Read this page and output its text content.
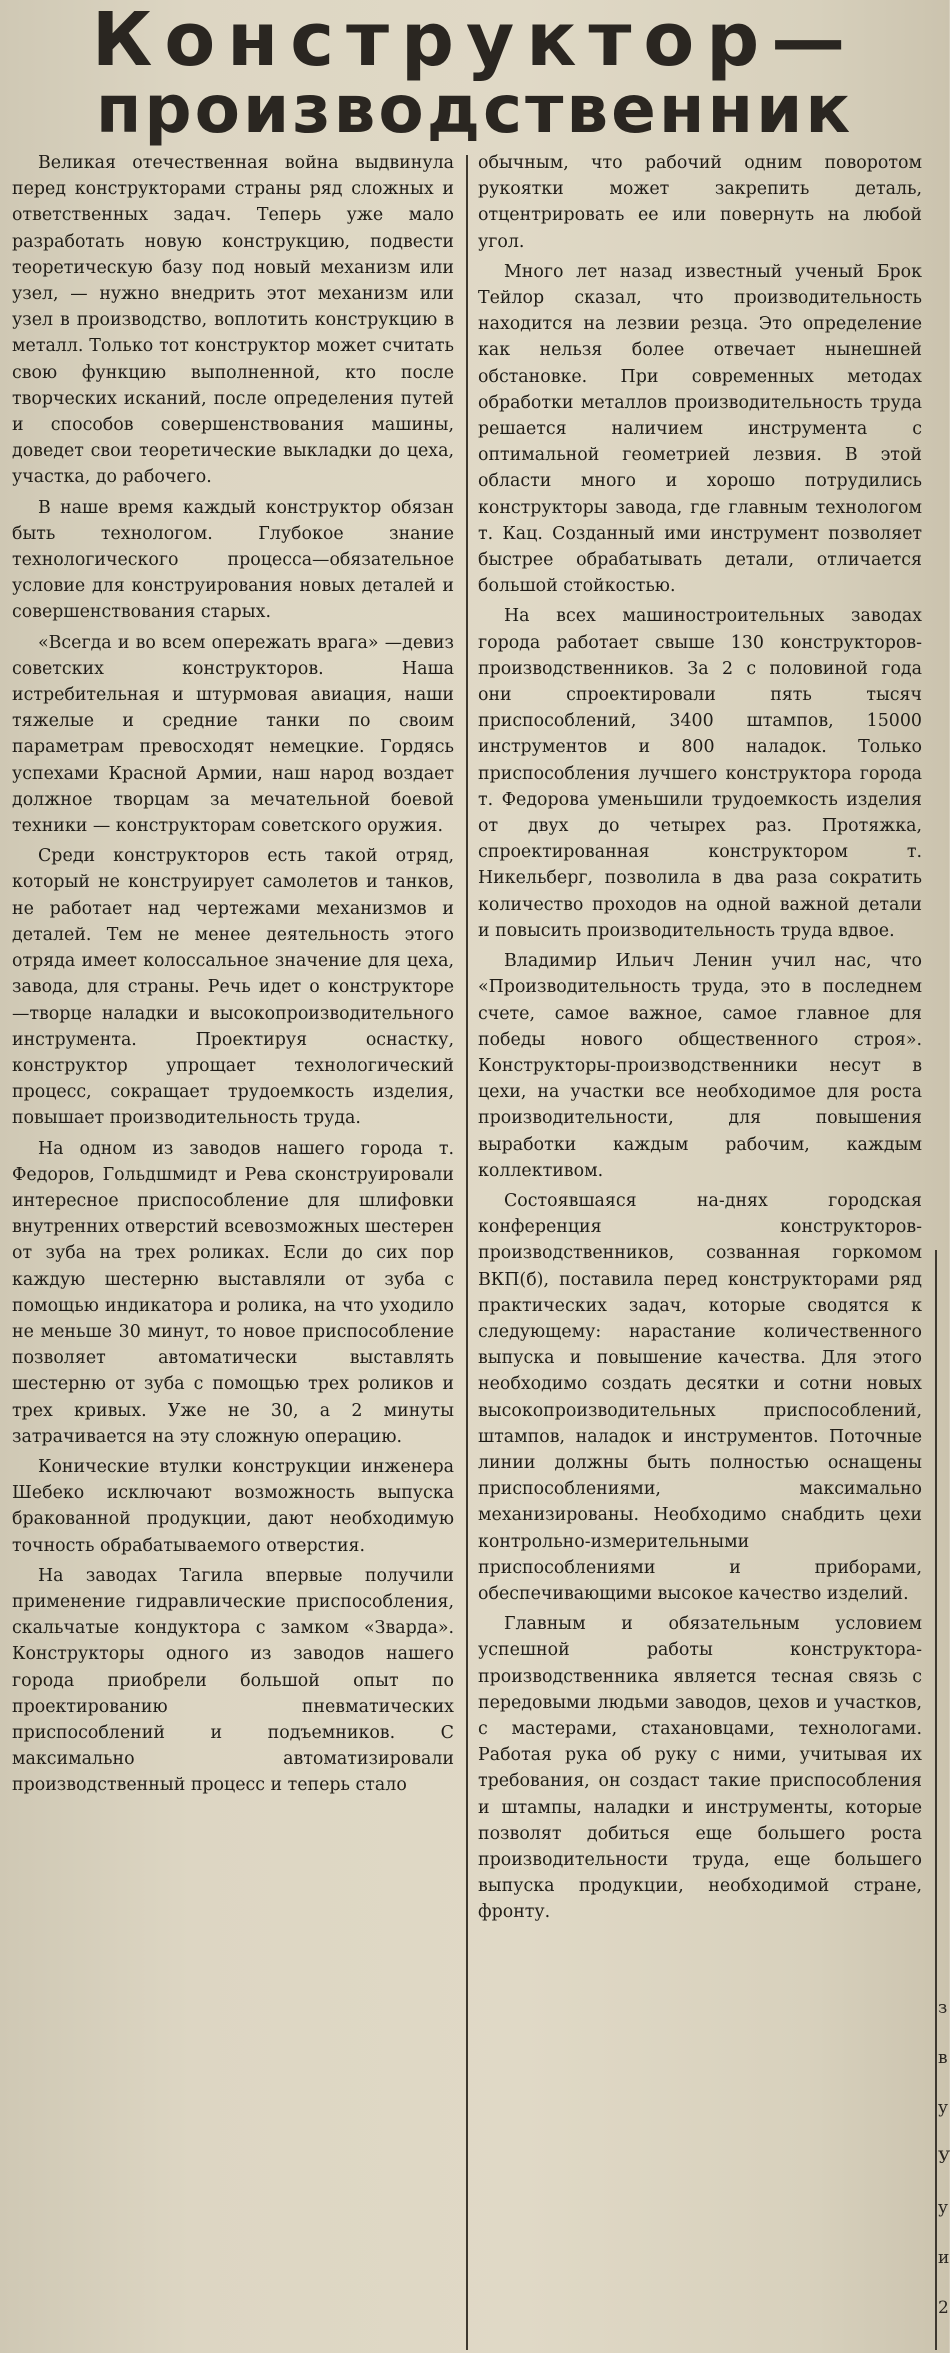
Конструктор—
производственник

Великая отечественная война выдвинула перед конструкторами страны ряд сложных и ответственных задач. Теперь уже мало разработать новую конструкцию, подвести теоретическую базу под новый механизм или узел, — нужно внедрить этот механизм или узел в производство, воплотить конструкцию в металл. Только тот конструктор может считать свою функцию выполненной, кто после творческих исканий, после определения путей и способов совершенствования машины, доведет свои теоретические выкладки до цеха, участка, до рабочего.

В наше время каждый конструктор обязан быть технологом. Глубокое знание технологического процесса—обязательное условие для конструирования новых деталей и совершенствования старых.

«Всегда и во всем опережать врага» —девиз советских конструкторов. Наша истребительная и штурмовая авиация, наши тяжелые и средние танки по своим параметрам превосходят немецкие. Гордясь успехами Красной Армии, наш народ воздает должное творцам за мечательной боевой техники — конструкторам советского оружия.

Среди конструкторов есть такой отряд, который не конструирует самолетов и танков, не работает над чертежами механизмов и деталей. Тем не менее деятельность этого отряда имеет колоссальное значение для цеха, завода, для страны. Речь идет о конструкторе —творце наладки и высокопроизводительного инструмента. Проектируя оснастку, конструктор упрощает технологический процесс, сокращает трудоемкость изделия, повышает производительность труда.

На одном из заводов нашего города т. Федоров, Гольдшмидт и Рева сконструировали интересное приспособление для шлифовки внутренних отверстий всевозможных шестерен от зуба на трех роликах. Если до сих пор каждую шестерню выставляли от зуба с помощью индикатора и ролика, на что уходило не меньше 30 минут, то новое приспособление позволяет автоматически выставлять шестерню от зуба с помощью трех роликов и трех кривых. Уже не 30, а 2 минуты затрачивается на эту сложную операцию.

Конические втулки конструкции инженера Шебеко исключают возможность выпуска бракованной продукции, дают необходимую точность обрабатываемого отверстия.

На заводах Тагила впервые получили применение гидравлические приспособления, скальчатые кондуктора с замком «Зварда». Конструкторы одного из заводов нашего города приобрели большой опыт по проектированию пневматических приспособлений и подъемников. С максимально автоматизировали производственный процесс и теперь стало

обычным, что рабочий одним поворотом рукоятки может закрепить деталь, отцентрировать ее или повернуть на любой угол.

Много лет назад известный ученый Брок Тейлор сказал, что производительность находится на лезвии резца. Это определение как нельзя более отвечает нынешней обстановке. При современных методах обработки металлов производительность труда решается наличием инструмента с оптимальной геометрией лезвия. В этой области много и хорошо потрудились конструкторы завода, где главным технологом т. Кац. Созданный ими инструмент позволяет быстрее обрабатывать детали, отличается большой стойкостью.

На всех машиностроительных заводах города работает свыше 130 конструкторов-производственников. За 2 с половиной года они спроектировали пять тысяч приспособлений, 3400 штампов, 15000 инструментов и 800 наладок. Только приспособления лучшего конструктора города т. Федорова уменьшили трудоемкость изделия от двух до четырех раз. Протяжка, спроектированная конструктором т. Никельберг, позволила в два раза сократить количество проходов на одной важной детали и повысить производительность труда вдвое.

Владимир Ильич Ленин учил нас, что «Производительность труда, это в последнем счете, самое важное, самое главное для победы нового общественного строя». Конструкторы-производственники несут в цехи, на участки все необходимое для роста производительности, для повышения выработки каждым рабочим, каждым коллективом.

Состоявшаяся на-днях городская конференция конструкторов-производственников, созванная горкомом ВКП(б), поставила перед конструкторами ряд практических задач, которые сводятся к следующему: нарастание количественного выпуска и повышение качества. Для этого необходимо создать десятки и сотни новых высокопроизводительных приспособлений, штампов, наладок и инструментов. Поточные линии должны быть полностью оснащены приспособлениями, максимально механизированы. Необходимо снабдить цехи контрольно-измерительными приспособлениями и приборами, обеспечивающими высокое качество изделий.

Главным и обязательным условием успешной работы конструктора-производственника является тесная связь с передовыми людьми заводов, цехов и участков, с мастерами, стахановцами, технологами. Работая рука об руку с ними, учитывая их требования, он создаст такие приспособления и штампы, наладки и инструменты, которые позволят добиться еще большего роста производительности труда, еще большего выпуска продукции, необходимой стране, фронту.

з
в
у
У
у
и
2
